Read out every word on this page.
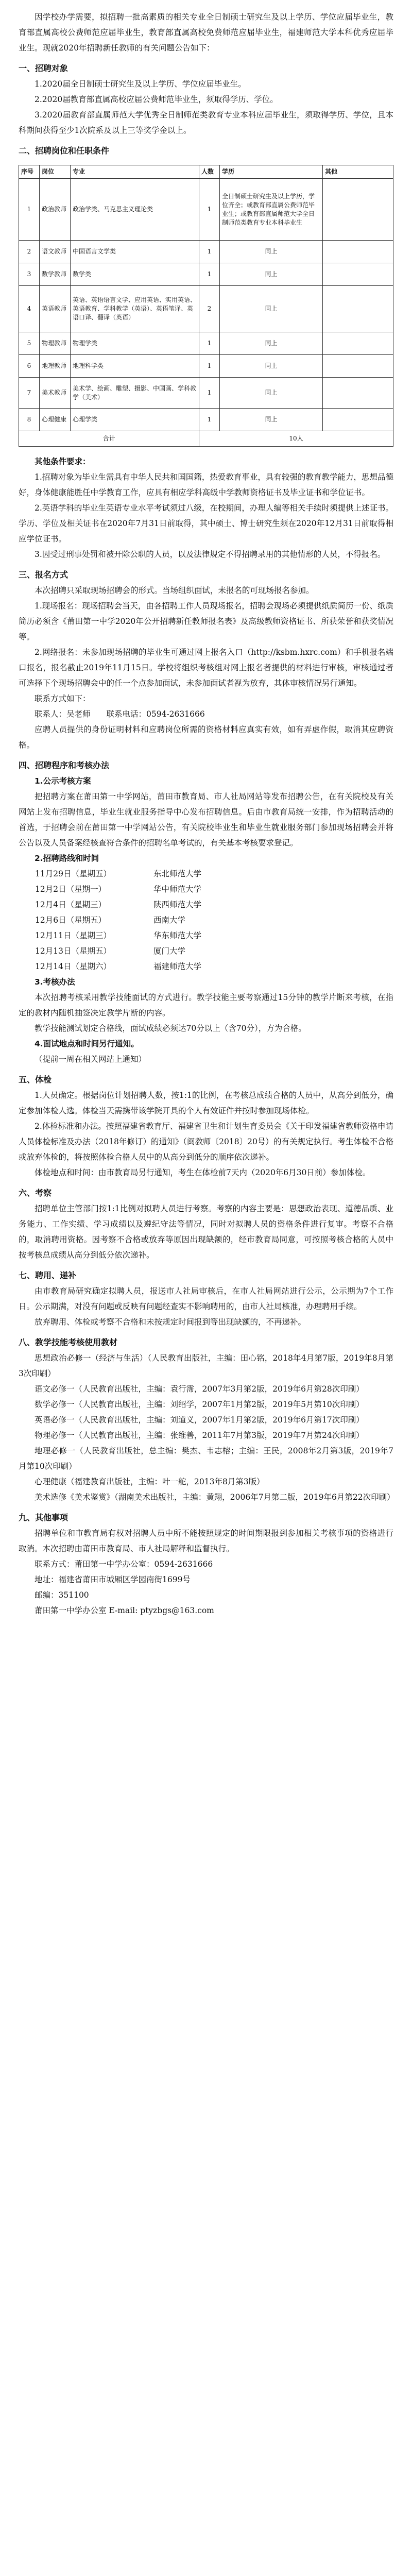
因学校办学需要，拟招聘一批高素质的相关专业全日制硕士研究生及以上学历、学位应届毕业生，教育部直属高校公费师范应届毕业生，教育部直属高校免费师范应届毕业生，福建师范大学本科优秀应届毕业生。现就2020年招聘新任教师的有关问题公告如下：

一、招聘对象

1.2020届全日制硕士研究生及以上学历、学位应届毕业生。

2.2020届教育部直属高校应届公费师范毕业生，须取得学历、学位。

3.2020届教育部直属师范大学优秀全日制师范类教育专业本科应届毕业生，须取得学历、学位，且本科期间获得至少1次院系及以上三等奖学金以上。

二、招聘岗位和任职条件
序号	岗位	专业	人数	学历	其他
1	政治教师	政治学类、马克思主义理论类	1	全日制硕士研究生及以上学历，学位齐全；或教育部直属公费师范毕业生；或教育部直属师范大学全日制师范类教育专业本科毕业生	
2	语文教师	中国语言文学类	1	同上	
3	数学教师	数学类	1	同上	
4	英语教师	英语、英语语言文学、应用英语、实用英语、英语教育、学科教学（英语）、英语笔译、英语口译、翻译（英语）	2	同上	
5	物理教师	物理学类	1	同上	
6	地理教师	地理科学类	1	同上	
7	美术教师	美术学、绘画、雕塑、摄影、中国画、学科教学（美术）	1	同上	
8	心理健康	心理学类	1	同上	
合计			10人		
其他条件要求：

1.招聘对象为毕业生需具有中华人民共和国国籍，热爱教育事业，具有较强的教育教学能力，思想品德好，身体健康能胜任中学教育工作，应具有相应学科高级中学教师资格证书及毕业证书和学位证书。

2.英语学科的毕业生英语专业水平考试须过八级，在校期间，办理人编等相关手续时须提供上述证书。学历、学位及相关证书在2020年7月31日前取得，其中硕士、博士研究生须在2020年12月31日前取得相应学位证书。

3.因受过刑事处罚和被开除公职的人员，以及法律规定不得招聘录用的其他情形的人员，不得报名。

三、报名方式

本次招聘只采取现场招聘会的形式。当场组织面试，未报名的可现场报名参加。

1.现场报名：现场招聘会当天，由各招聘工作人员现场报名，招聘会现场必须提供纸质简历一份、纸质简历必须含《莆田第一中学2020年公开招聘新任教师报名表》及高级教师资格证书、所获荣誉和获奖情况等。

2.网络报名：未参加现场招聘的毕业生可通过网上报名入口（http://ksbm.hxrc.com）和手机报名端口报名，报名截止2019年11月15日。学校将组织考核组对网上报名者提供的材料进行审核，审核通过者可选择下个现场招聘会中的任一个点参加面试，未参加面试者视为放弃，其体审核情况另行通知。

联系方式如下：

联系人：吴老师　　联系电话：0594-2631666

应聘人员提供的身份证明材料和应聘岗位所需的资格材料应真实有效，如有弄虚作假，取消其应聘资格。

四、招聘程序和考核办法
1.公示考核方案

把招聘方案在莆田第一中学网站，莆田市教育局、市人社局网站等发布招聘公告，在有关院校及有关网站上发布招聘信息，毕业生就业服务指导中心发布招聘信息。后由市教育局统一安排，作为招聘活动的首选，于招聘会前在莆田第一中学网站公告，有关院校毕业生和毕业生就业服务部门参加现场招聘会并将公告以及人员备案经核查符合条件的招聘名单考试的，有关基本考核要求登记。

2.招聘路线和时间
11月29日（星期五）	东北师范大学
12月2日（星期一）	华中师范大学
12月4日（星期三）	陕西师范大学
12月6日（星期五）	西南大学
12月11日（星期三）	华东师范大学
12月13日（星期五）	厦门大学
12月14日（星期六）	福建师范大学
3.考核办法

本次招聘考核采用教学技能面试的方式进行。教学技能主要考察通过15分钟的教学片断来考核，在指定的教材内随机抽签决定教学片断的内容。

教学技能测试划定合格线，面试成绩必须达70分以上（含70分），方为合格。

4.面试地点和时间另行通知。

（提前一周在相关网站上通知）

五、体检

1.人员确定。根据岗位计划招聘人数，按1:1的比例，在考核总成绩合格的人员中，从高分到低分，确定参加体检人选。体检当天需携带该学院开具的个人有效证件并按时参加现场体检。

2.体检标准和办法。按照福建省教育厅、福建省卫生和计划生育委员会《关于印发福建省教师资格申请人员体检标准及办法（2018年修订）的通知》（闽教师〔2018〕20号）的有关规定执行。考生体检不合格或放弃体检的，将按照体检合格人员中的从高分到低分的顺序依次递补。

体检地点和时间：由市教育局另行通知，考生在体检前7天内（2020年6月30日前）参加体检。

六、考察

招聘单位主管部门按1:1比例对拟聘人员进行考察。考察的内容主要是：思想政治表现、道德品质、业务能力、工作实绩、学习成绩以及遵纪守法等情况，同时对拟聘人员的资格条件进行复审。考察不合格的，取消聘用资格。因考察不合格或放弃等原因出现缺额的，经市教育局同意，可按照考核合格的人员中按考核总成绩从高分到低分依次递补。

七、聘用、递补

由市教育局研究确定拟聘人员，报送市人社局审核后，在市人社局网站进行公示，公示期为7个工作日。公示期满，对没有问题或反映有问题经查实不影响聘用的，由市人社局核准，办理聘用手续。

放弃聘用、体检或考察不合格和未按规定时间报到等出现缺额的，不再递补。

八、教学技能考核使用教材

思想政治必修一（经济与生活）（人民教育出版社，主编：田心铭，2018年4月第7版，2019年8月第3次印刷）

语文必修一（人民教育出版社，主编：袁行霈，2007年3月第2版，2019年6月第28次印刷）

数学必修一（人民教育出版社，主编：刘绍学，2007年1月第2版，2019年5月第10次印刷）

英语必修一（人民教育出版社，主编：刘道义，2007年1月第2版，2019年6月第17次印刷）

物理必修一（人民教育出版社，主编：张维善，2011年7月第3版，2019年7月第24次印刷）

地理必修一（人民教育出版社，总主编：樊杰、韦志榕；主编：王民，2008年2月第3版，2019年7月第10次印刷）

心理健康（福建教育出版社，主编：叶一舵，2013年8月第3版）

美术选修《美术鉴赏》（湖南美术出版社，主编：黄翔，2006年7月第二版，2019年6月第22次印刷）

九、其他事项

招聘单位和市教育局有权对招聘人员中所不能按照规定的时间期限报到参加相关考核事项的资格进行取消。本次招聘由莆田市教育局、市人社局解释和监督执行。

联系方式：莆田第一中学办公室：0594-2631666

地址：福建省莆田市城厢区学园南街1699号

邮编：351100

莆田第一中学办公室 E-mail: ptyzbgs@163.com
